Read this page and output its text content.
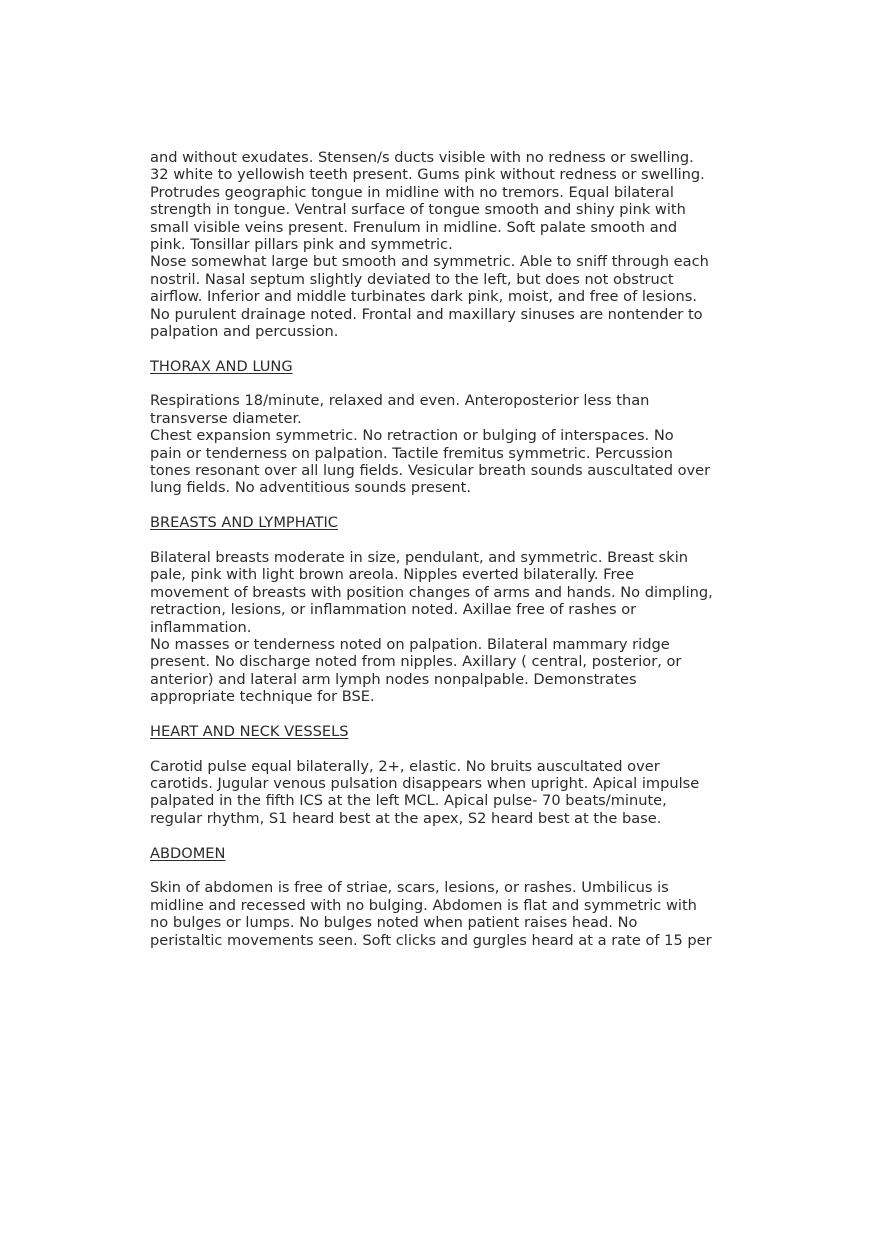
and without exudates. Stensen/s ducts visible with no redness or swelling.
32 white to yellowish teeth present. Gums pink without redness or swelling.
Protrudes geographic tongue in midline with no tremors. Equal bilateral
strength in tongue. Ventral surface of tongue smooth and shiny pink with
small visible veins present. Frenulum in midline. Soft palate smooth and
pink. Tonsillar pillars pink and symmetric.
Nose somewhat large but smooth and symmetric. Able to sniff through each
nostril. Nasal septum slightly deviated to the left, but does not obstruct
airflow. Inferior and middle turbinates dark pink, moist, and free of lesions.
No purulent drainage noted. Frontal and maxillary sinuses are nontender to
palpation and percussion.
THORAX AND LUNG
Respirations 18/minute, relaxed and even. Anteroposterior less than
transverse diameter.
Chest expansion symmetric. No retraction or bulging of interspaces. No
pain or tenderness on palpation. Tactile fremitus symmetric. Percussion
tones resonant over all lung fields. Vesicular breath sounds auscultated over
lung fields. No adventitious sounds present.
BREASTS AND LYMPHATIC
Bilateral breasts moderate in size, pendulant, and symmetric. Breast skin
pale, pink with light brown areola. Nipples everted bilaterally. Free
movement of breasts with position changes of arms and hands. No dimpling,
retraction, lesions, or inflammation noted. Axillae free of rashes or
inflammation.
No masses or tenderness noted on palpation. Bilateral mammary ridge
present. No discharge noted from nipples. Axillary ( central, posterior, or
anterior) and lateral arm lymph nodes nonpalpable. Demonstrates
appropriate technique for BSE.
HEART AND NECK VESSELS
Carotid pulse equal bilaterally, 2+, elastic. No bruits auscultated over
carotids. Jugular venous pulsation disappears when upright. Apical impulse
palpated in the fifth ICS at the left MCL. Apical pulse- 70 beats/minute,
regular rhythm, S1 heard best at the apex, S2 heard best at the base.
ABDOMEN
Skin of abdomen is free of striae, scars, lesions, or rashes. Umbilicus is
midline and recessed with no bulging. Abdomen is flat and symmetric with
no bulges or lumps. No bulges noted when patient raises head. No
peristaltic movements seen. Soft clicks and gurgles heard at a rate of 15 per
